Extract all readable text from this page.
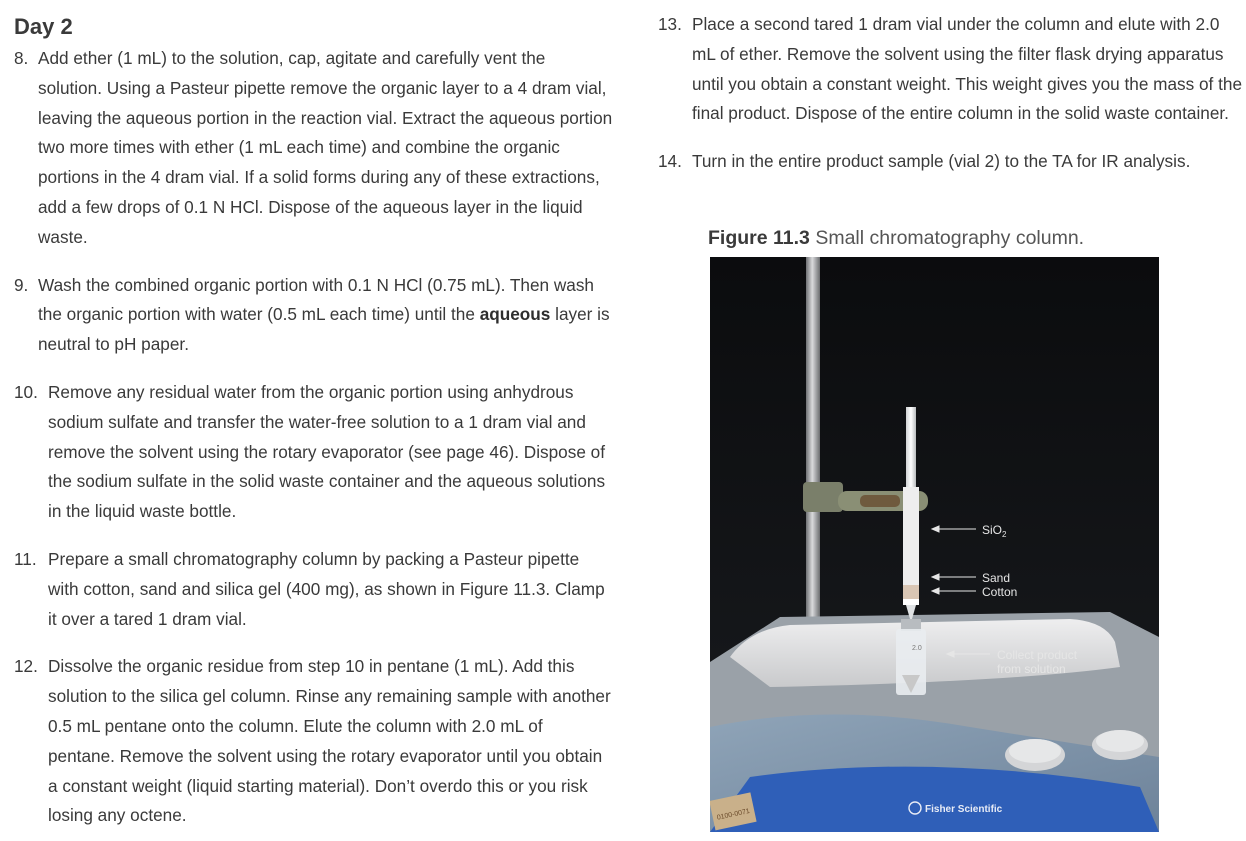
Day 2
8. Add ether (1 mL) to the solution, cap, agitate and carefully vent the solution. Using a Pasteur pipette remove the organic layer to a 4 dram vial, leaving the aqueous portion in the reaction vial. Extract the aqueous portion two more times with ether (1 mL each time) and combine the organic portions in the 4 dram vial. If a solid forms during any of these extractions, add a few drops of 0.1 N HCl. Dispose of the aqueous layer in the liquid waste.
9. Wash the combined organic portion with 0.1 N HCl (0.75 mL). Then wash the organic portion with water (0.5 mL each time) until the aqueous layer is neutral to pH paper.
10. Remove any residual water from the organic portion using anhydrous sodium sulfate and transfer the water-free solution to a 1 dram vial and remove the solvent using the rotary evaporator (see page 46). Dispose of the sodium sulfate in the solid waste container and the aqueous solutions in the liquid waste bottle.
11. Prepare a small chromatography column by packing a Pasteur pipette with cotton, sand and silica gel (400 mg), as shown in Figure 11.3. Clamp it over a tared 1 dram vial.
12. Dissolve the organic residue from step 10 in pentane (1 mL). Add this solution to the silica gel column. Rinse any remaining sample with another 0.5 mL pentane onto the column. Elute the column with 2.0 mL of pentane. Remove the solvent using the rotary evaporator until you obtain a constant weight (liquid starting material). Don’t overdo this or you risk losing any octene.
13. Place a second tared 1 dram vial under the column and elute with 2.0 mL of ether. Remove the solvent using the filter flask drying apparatus until you obtain a constant weight. This weight gives you the mass of the final product. Dispose of the entire column in the solid waste container.
14. Turn in the entire product sample (vial 2) to the TA for IR analysis.
Figure 11.3 Small chromatography column.
Fisher Scientific
0100-0071
2.0
SiO$_2$
Sand
Cotton
Collect product
from solution
